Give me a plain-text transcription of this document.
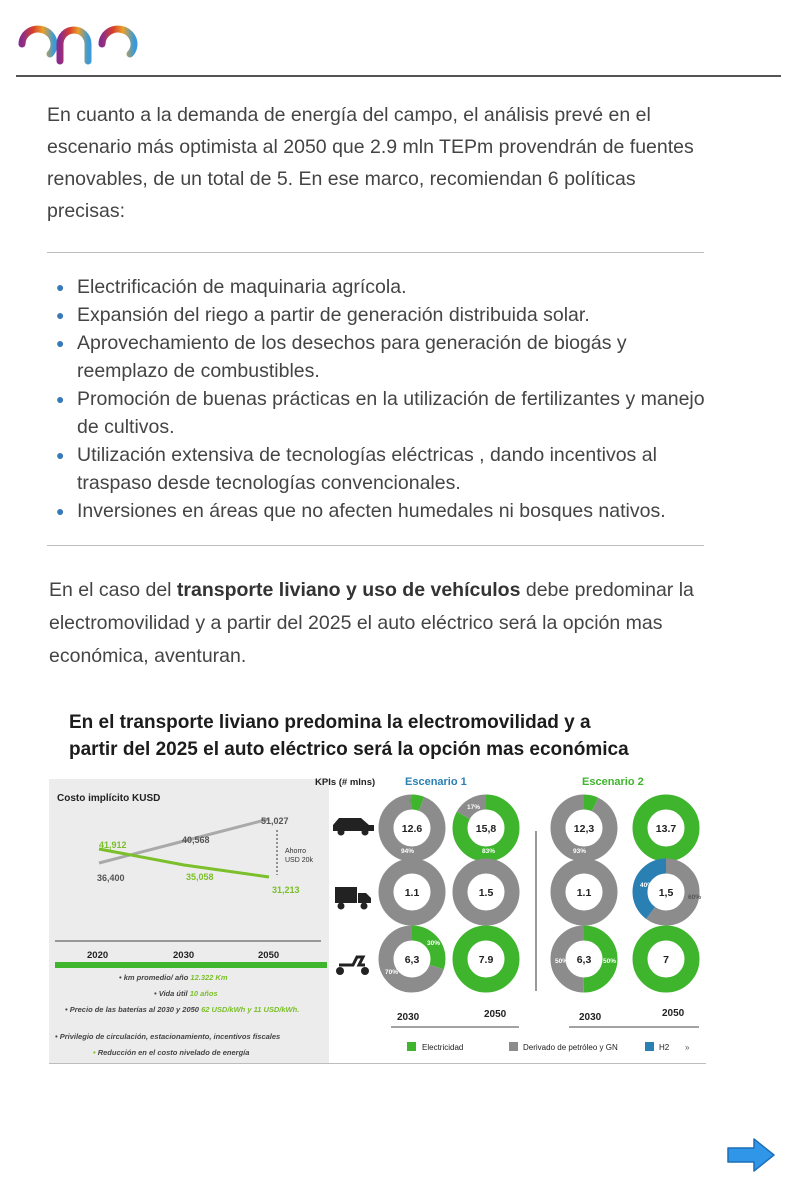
En cuanto a la demanda de energía del campo, el análisis prevé en el escenario más optimista al 2050 que 2.9 mln TEPm provendrán de fuentes renovables, de un total de 5. En ese marco, recomiendan 6 políticas precisas:

● Electrificación de maquinaria agrícola.
● Expansión del riego a partir de generación distribuida solar.
● Aprovechamiento de los desechos para generación de biogás y reemplazo de combustibles.
● Promoción de buenas prácticas en la utilización de fertilizantes y manejo de cultivos.
● Utilización extensiva de tecnologías eléctricas , dando incentivos al traspaso desde tecnologías convencionales.
● Inversiones en áreas que no afecten humedales ni bosques nativos.

En el caso del transporte liviano y uso de vehículos debe predominar la electromovilidad y a partir del 2025 el auto eléctrico será la opción mas económica, aventuran.

En el transporte liviano predomina la electromovilidad y a
partir del 2025 el auto eléctrico será la opción mas económica
Costo implícito KUSD
41,912
36,400
40,568
35,058
51,027
31,213
Ahorro
USD 20k
2020	2030	2050
• km promedio/ año 12.322 Km
• Vida útil 10 años
• Precio de las baterías al 2030 y 2050 62 USD/kWh y 11 USD/kWh.
• Privilegio de circulación, estacionamiento, incentivos fiscales
• Reducción en el costo nivelado de energía
KPIs (# mlns)	Escenario 1	Escenario 2
12.6	15,8	12,3	13.7
1.1	1.5	1.1	1,5
6,3	7.9	6,3	7
6%
94%
17%
83%
7%
93%
40%
60%
30%
70%
50%	50%
2030	2050	2030	2050
Electricidad	Derivado de petróleo y GN	H2 »
